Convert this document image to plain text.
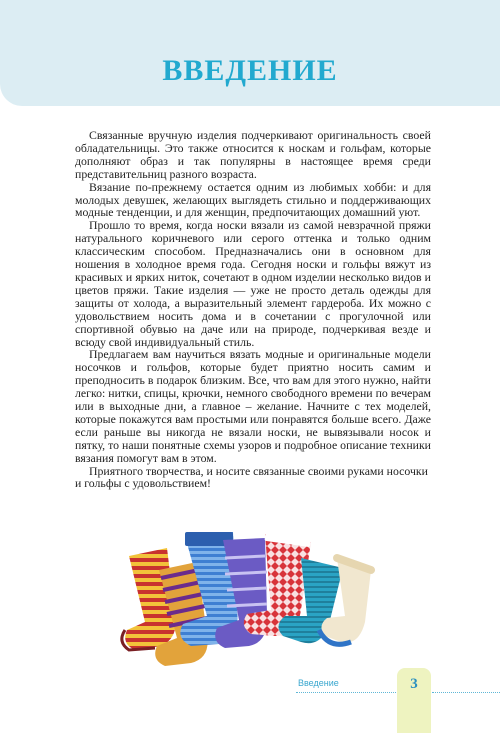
ВВЕДЕНИЕ

Связанные вручную изделия подчеркивают оригинальность своей обладательницы. Это также относится к носкам и гольфам, которые дополняют образ и так популярны в настоящее время среди представительниц разного возраста.

Вязание по-прежнему остается одним из любимых хобби: и для молодых девушек, желающих выглядеть стильно и поддерживающих модные тенденции, и для женщин, предпочитающих домашний уют.

Прошло то время, когда носки вязали из самой невзрачной пряжи натурального коричневого или серого оттенка и только одним классическим способом. Предназначались они в основном для ношения в холодное время года. Сегодня носки и гольфы вяжут из красивых и ярких ниток, сочетают в одном изделии несколько видов и цветов пряжи. Такие изделия — уже не просто деталь одежды для защиты от холода, а выразительный элемент гардероба. Их можно с удовольствием носить дома и в сочетании с прогулочной или спортивной обувью на даче или на природе, подчеркивая везде и всюду свой индивидуальный стиль.

Предлагаем вам научиться вязать модные и оригинальные модели носочков и гольфов, которые будет приятно носить самим и преподносить в подарок близким. Все, что вам для этого нужно, найти легко: нитки, спицы, крючки, немного свободного времени по вечерам или в выходные дни, а главное – желание. Начните с тех моделей, которые покажутся вам простыми или понравятся больше всего. Даже если раньше вы никогда не вязали носки, не вывязывали носок и пятку, то наши понятные схемы узоров и подробное описание техники вязания помогут вам в этом.

Приятного творчества, и носите связанные своими руками носочки и гольфы с удовольствием!

Введение	3
